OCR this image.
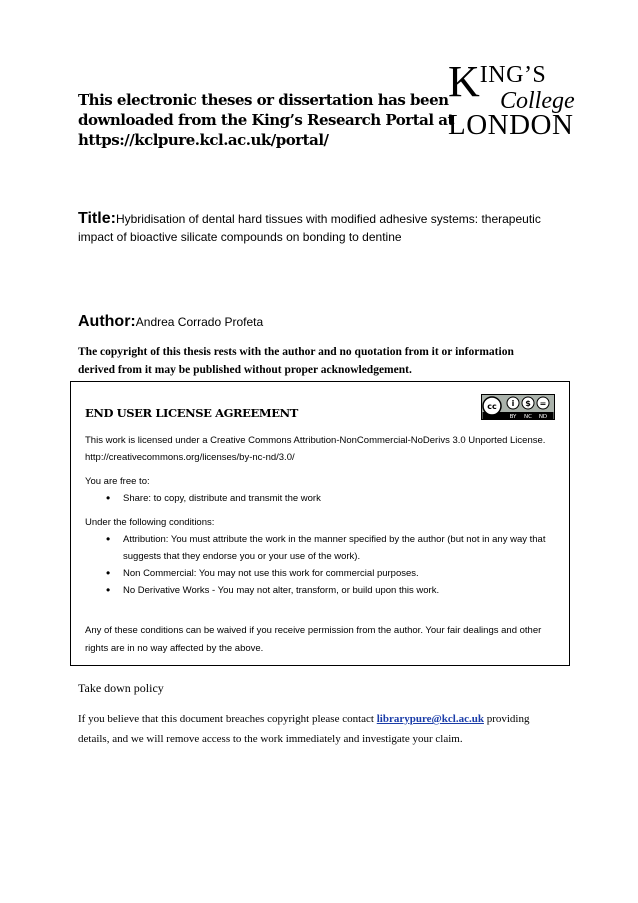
This electronic theses or dissertation has been
downloaded from the King’s Research Portal at
https://kclpure.kcl.ac.uk/portal/
$K^{ING’S}$
College
LONDON
Title:Hybridisation of dental hard tissues with modified adhesive systems: therapeutic impact of bioactive silicate compounds on bonding to dentine
Author:Andrea Corrado Profeta
The copyright of this thesis rests with the author and no quotation from it or information derived from it may be published without proper acknowledgement.
END USER LICENSE AGREEMENT	cc i $ =
BY NC ND

This work is licensed under a Creative Commons Attribution-NonCommercial-NoDerivs 3.0 Unported License. http://creativecommons.org/licenses/by-nc-nd/3.0/

You are free to:
• Share: to copy, distribute and transmit the work
Under the following conditions:
• Attribution: You must attribute the work in the manner specified by the author (but not in any way that suggests that they endorse you or your use of the work).
• Non Commercial: You may not use this work for commercial purposes.
• No Derivative Works - You may not alter, transform, or build upon this work.
Any of these conditions can be waived if you receive permission from the author. Your fair dealings and other rights are in no way affected by the above.
Take down policy
If you believe that this document breaches copyright please contact librarypure@kcl.ac.uk providing details, and we will remove access to the work immediately and investigate your claim.
